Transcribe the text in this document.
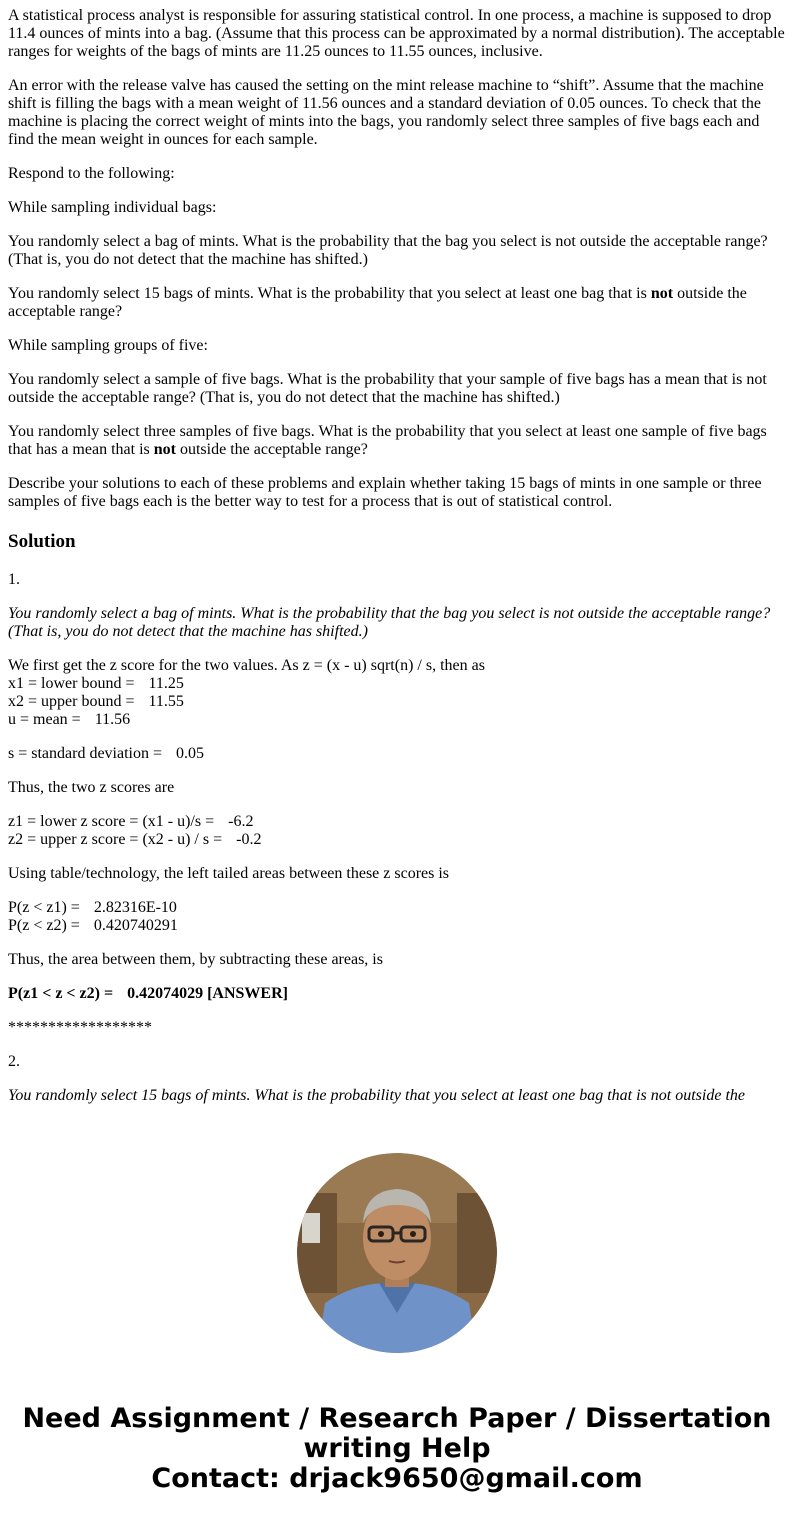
A statistical process analyst is responsible for assuring statistical control. In one process, a machine is supposed to drop 11.4 ounces of mints into a bag. (Assume that this process can be approximated by a normal distribution). The acceptable ranges for weights of the bags of mints are 11.25 ounces to 11.55 ounces, inclusive.

An error with the release valve has caused the setting on the mint release machine to “shift”. Assume that the machine shift is filling the bags with a mean weight of 11.56 ounces and a standard deviation of 0.05 ounces. To check that the machine is placing the correct weight of mints into the bags, you randomly select three samples of five bags each and find the mean weight in ounces for each sample.

Respond to the following:

While sampling individual bags:

You randomly select a bag of mints. What is the probability that the bag you select is not outside the acceptable range? (That is, you do not detect that the machine has shifted.)

You randomly select 15 bags of mints. What is the probability that you select at least one bag that is not outside the acceptable range?

While sampling groups of five:

You randomly select a sample of five bags. What is the probability that your sample of five bags has a mean that is not outside the acceptable range? (That is, you do not detect that the machine has shifted.)

You randomly select three samples of five bags. What is the probability that you select at least one sample of five bags that has a mean that is not outside the acceptable range?

Describe your solutions to each of these problems and explain whether taking 15 bags of mints in one sample or three samples of five bags each is the better way to test for a process that is out of statistical control.

Solution

1.

You randomly select a bag of mints. What is the probability that the bag you select is not outside the acceptable range? (That is, you do not detect that the machine has shifted.)

We first get the z score for the two values. As z = (x - u) sqrt(n) / s, then as
x1 = lower bound = 11.25
x2 = upper bound = 11.55
u = mean = 11.56

s = standard deviation = 0.05

Thus, the two z scores are

z1 = lower z score = (x1 - u)/s = -6.2
z2 = upper z score = (x2 - u) / s = -0.2

Using table/technology, the left tailed areas between these z scores is

P(z < z1) = 2.82316E-10
P(z < z2) = 0.420740291

Thus, the area between them, by subtracting these areas, is

P(z1 < z < z2) = 0.42074029 [ANSWER]

******************

2.

You randomly select 15 bags of mints. What is the probability that you select at least one bag that is not outside the

Need Assignment / Research Paper / Dissertation
writing Help
Contact: drjack9650@gmail.com
